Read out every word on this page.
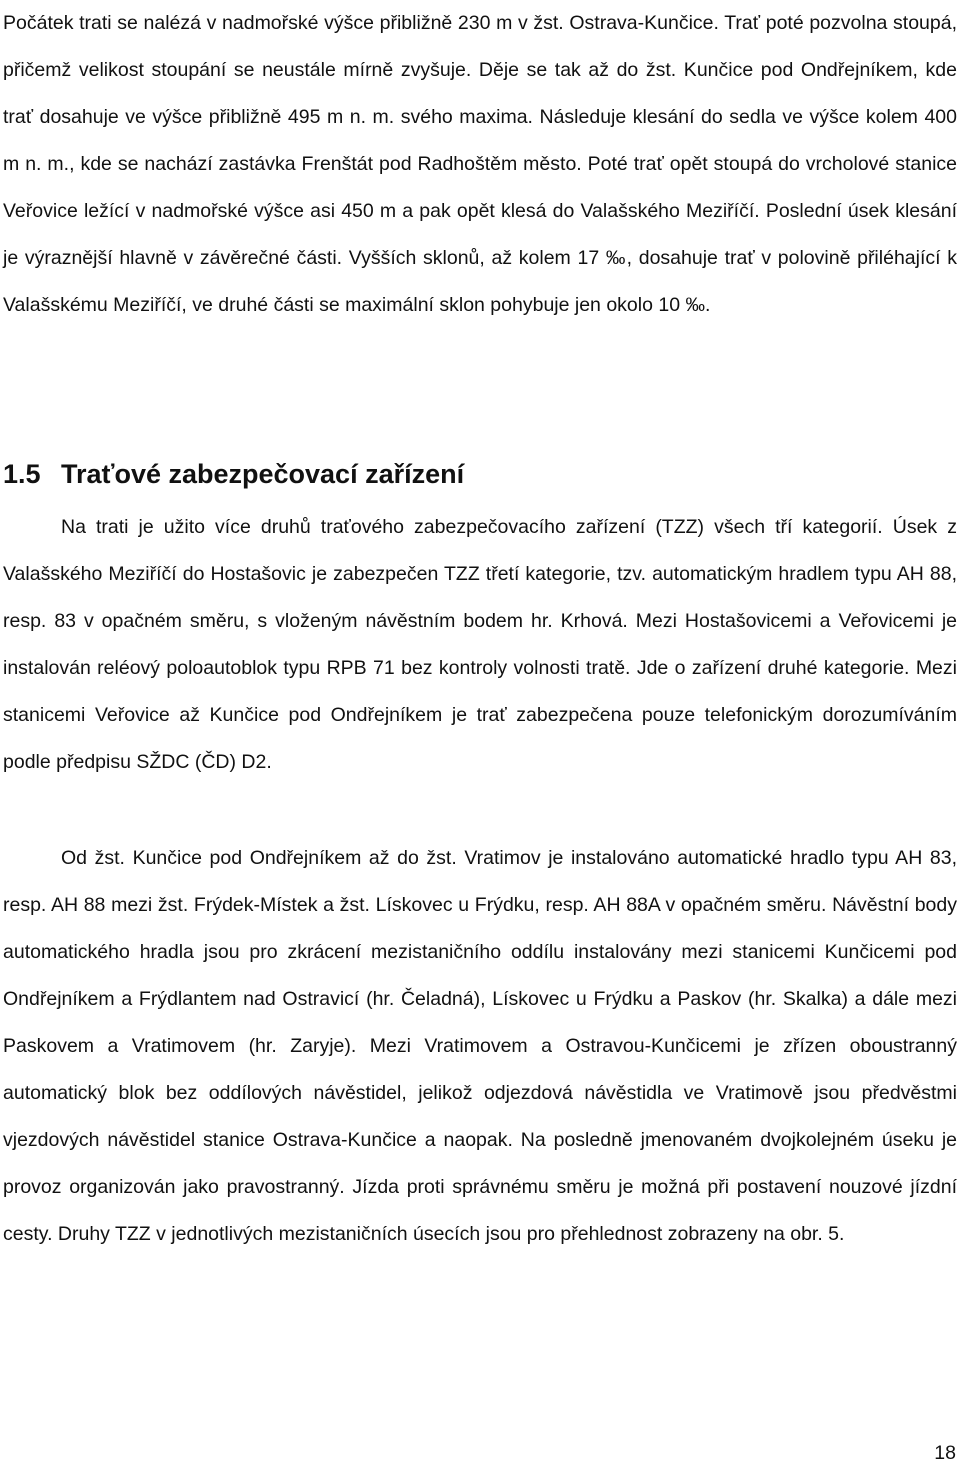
Počátek trati se nalézá v nadmořské výšce přibližně 230 m v žst. Ostrava-Kunčice. Trať poté pozvolna stoupá, přičemž velikost stoupání se neustále mírně zvyšuje. Děje se tak až do žst. Kunčice pod Ondřejníkem, kde trať dosahuje ve výšce přibližně 495 m n. m. svého maxima. Následuje klesání do sedla ve výšce kolem 400 m n. m., kde se nachází zastávka Frenštát pod Radhoštěm město. Poté trať opět stoupá do vrcholové stanice Veřovice ležící v nadmořské výšce asi 450 m a pak opět klesá do Valašského Meziříčí. Poslední úsek klesání je výraznější hlavně v závěrečné části. Vyšších sklonů, až kolem 17 ‰, dosahuje trať v polovině přiléhající k Valašskému Meziříčí, ve druhé části se maximální sklon pohybuje jen okolo 10 ‰.

1.5 Traťové zabezpečovací zařízení

Na trati je užito více druhů traťového zabezpečovacího zařízení (TZZ) všech tří kategorií. Úsek z Valašského Meziříčí do Hostašovic je zabezpečen TZZ třetí kategorie, tzv. automatickým hradlem typu AH 88, resp. 83 v opačném směru, s vloženým návěstním bodem hr. Krhová. Mezi Hostašovicemi a Veřovicemi je instalován reléový poloautoblok typu RPB 71 bez kontroly volnosti tratě. Jde o zařízení druhé kategorie. Mezi stanicemi Veřovice až Kunčice pod Ondřejníkem je trať zabezpečena pouze telefonickým dorozumíváním podle předpisu SŽDC (ČD) D2.

Od žst. Kunčice pod Ondřejníkem až do žst. Vratimov je instalováno automatické hradlo typu AH 83, resp. AH 88 mezi žst. Frýdek-Místek a žst. Lískovec u Frýdku, resp. AH 88A v opačném směru. Návěstní body automatického hradla jsou pro zkrácení mezistaničního oddílu instalovány mezi stanicemi Kunčicemi pod Ondřejníkem a Frýdlantem nad Ostravicí (hr. Čeladná), Lískovec u Frýdku a Paskov (hr. Skalka) a dále mezi Paskovem a Vratimovem (hr. Zaryje). Mezi Vratimovem a Ostravou-Kunčicemi je zřízen oboustranný automatický blok bez oddílových návěstidel, jelikož odjezdová návěstidla ve Vratimově jsou předvěstmi vjezdových návěstidel stanice Ostrava-Kunčice a naopak. Na posledně jmenovaném dvojkolejném úseku je provoz organizován jako pravostranný. Jízda proti správnému směru je možná při postavení nouzové jízdní cesty. Druhy TZZ v jednotlivých mezistaničních úsecích jsou pro přehlednost zobrazeny na obr. 5.

18
